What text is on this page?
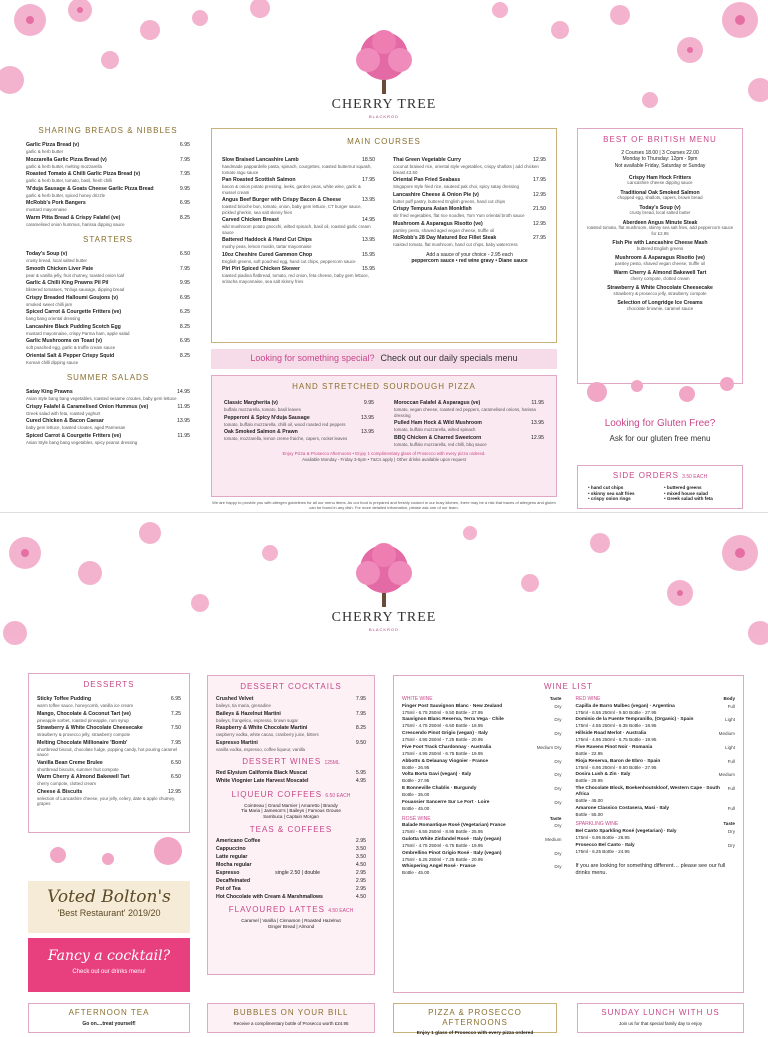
CHERRY TREE
BLACKROD
SHARING BREADS & NIBBLES
Garlic Pizza Bread (v)	6.95
garlic & herb butter
Mozzarella Garlic Pizza Bread (v)	7.95
garlic & herb butter, melting mozzarella
Roasted Tomato & Chilli Garlic Pizza Bread (v)	7.95
garlic & herb butter, tomato, basil, fresh chilli
'N'duja Sausage & Goats Cheese Garlic Pizza Bread	9.95
garlic & herb butter, spiced honey drizzle
McRobb's Pork Bangers	6.95
mustard mayonnaise
Warm Pitta Bread & Crispy Falafel (ve)	8.25
caramelised onion hummus, harissa dipping sauce
STARTERS
Today's Soup (v)	6.50
crusty bread, local salted butter
Smooth Chicken Liver Pate	7.95
pear & vanilla jelly, fruit chutney, toasted onion loaf
Garlic & Chilli King Prawns Pil Pil	9.95
blistered tomatoes, 'N'duja sausage, dipping bread
Crispy Breaded Halloumi Goujons (v)	6.95
smoked sweet chilli jam
Spiced Carrot & Courgette Fritters (ve)	6.25
bang bang oriental dressing
Lancashire Black Pudding Scotch Egg	8.25
mustard mayonnaise, crispy Parma ham, apple salad
Garlic Mushrooms on Toast (v)	6.95
soft poached egg, garlic & truffle cream sauce
Oriental Salt & Pepper Crispy Squid	8.25
Korean chilli dipping sauce
SUMMER SALADS
Satay King Prawns	14.95
Asian style bang bang vegetables, toasted sesame croutes, baby gem lettuce
Crispy Falafel & Caramelised Onion Hummus (ve)	11.95
Greek salad with feta, roasted yoghurt
Cured Chicken & Bacon Caesar	13.95
baby gem lettuce, toasted croutes, aged Parmesan
Spiced Carrot & Courgette Fritters (ve)	11.95
Asian Style bang bang vegetables, spicy peanut dressing
MAIN COURSES
Slow Braised Lancashire Lamb	18.50
handmade pappardelle pasta, spinach, courgettes, roasted butternut squash, tomato ragu sauce
Pan Roasted Scottish Salmon	17.95
bacon & onion potato pressing, leeks, garden peas, white wine, garlic & mussel cream
Angus Beef Burger with Crispy Bacon & Cheese	13.95
toasted brioche bun, tomato, onion, baby gem lettuce, CT burger sauce, pickled gherkin, sea salt skinny fries
Carved Chicken Breast	14.95
wild mushroom potato gnocchi, wilted spinach, basil oil, roasted garlic cream sauce
Battered Haddock & Hand Cut Chips	13.95
mushy peas, lemon muslin, tartar mayonnaise
10oz Cheshire Cured Gammon Chop	15.95
English greens, soft poached egg, hand cut chips, peppercorn sauce
Piri Piri Spiced Chicken Skewer	15.95
toasted piadina flatbread, tomato, red onion, feta cheese, baby gem lettuce, sriracha mayonnaise, sea salt skinny fries
Thai Green Vegetable Curry	12.95
coconut braised rice, oriental style vegetables, crispy shallots | add chicken breast £3.50
Oriental Pan Fried Seabass	17.95
Singapore style fried rice, sauteed pak choi, spicy satay dressing
Lancashire Cheese & Onion Pie (v)	12.95
butter puff pastry, buttered English greens, hand cut chips
Crispy Tempura Asian Monkfish	21.50
stir fried vegetables, flat rice noodles, Tom Yum oriental broth sauce
Mushroom & Asparagus Risotto (ve)	12.95
parsley pesto, shaved aged vegan cheese, truffle oil
McRobb's 28 Day Matured 8oz Fillet Steak	27.95
roasted tomato, flat mushroom, hand cut chips, baby watercress
Add a sauce of your choice - 2.95 each
peppercorn sauce • red wine gravy • Diane sauce
Looking for something special? Check out our daily specials menu
HAND STRETCHED SOURDOUGH PIZZA
Classic Margherita (v)	9.95
buffalo mozzarella, tomato, basil leaves
Pepperoni & Spicy N'duja Sausage	13.95
tomato, buffalo mozzarella, chilli oil, wood roasted red peppers
Oak Smoked Salmon & Prawn	13.95
tomato, mozzarella, lemon creme fraiche, capers, rocket leaves
Moroccan Falafel & Asparagus (ve)	11.95
tomato, vegan cheese, roasted red peppers, caramelised onions, harissa dressing
Pulled Ham Hock & Wild Mushroom	13.95
tomato, buffalo mozzarella, wilted spinach
BBQ Chicken & Charred Sweetcorn	12.95
tomato, buffalo mozzarella, red chilli, bbq sauce
Enjoy Pizza & Prosecco Afternoons • Enjoy 1 complimentary glass of Prosecco with every pizza ordered.
Available Monday - Friday 3-5pm • T&Cs apply | Other drinks available upon request
We are happy to provide you with allergen guidelines for all our menu items. As our food is prepared and freshly cooked in our busy kitchen, there may be a risk that traces of allergens and gluten can be found in any dish. For more detailed information, please ask one of our team.
BEST OF BRITISH MENU
2 Courses 18.00 | 3 Courses 22.00
Monday to Thursday: 12pm - 9pm
Not available Friday, Saturday or Sunday
Crispy Ham Hock Fritters
Lancashire cheese dipping sauce
Traditional Oak Smoked Salmon
chopped egg, shallots, capers, brown bread
Today's Soup (v)
crusty bread, local salted butter
Aberdeen Angus Minute Steak
roasted tomato, flat mushroom, skinny sea salt fries, add peppercorn sauce for £2.95
Fish Pie with Lancashire Cheese Mash
buttered English greens
Mushroom & Asparagus Risotto (ve)
parsley pesto, shaved vegan cheese, truffle oil
Warm Cherry & Almond Bakewell Tart
cherry compote, clotted cream
Strawberry & White Chocolate Cheesecake
strawberry & prosecco jelly, strawberry compote
Selection of Longridge Ice Creams
chocolate brownie, caramel sauce
Looking for Gluten Free?
Ask for our gluten free menu
SIDE ORDERS 3.50 EACH
• hand cut chips
• skinny sea salt fries
• crispy onion rings
• buttered greens
• mixed house salad
• Greek salad with feta
CHERRY TREE
BLACKROD
DESSERTS
Sticky Toffee Pudding	6.95
warm toffee sauce, honeycomb, vanilla ice cream
Mango, Chocolate & Coconut Tart (ve)	7.25
pineapple sorbet, roasted pineapple, rum syrup
Strawberry & White Chocolate Cheesecake	7.50
strawberry & prosecco jelly, strawberry compote
Melting Chocolate Millionaire 'Bomb'	7.95
shortbread biscuit, chocolate fudge, popping candy, hot pouring caramel sauce
Vanilla Bean Creme Brulee	6.50
shortbread biscuits, summer fruit compote
Warm Cherry & Almond Bakewell Tart	6.50
cherry compote, clotted cream
Cheese & Biscuits	12.95
selection of Lancashire cheese, your jelly, celery, date & apple chutney, grapes
Voted Bolton's
'Best Restaurant' 2019/20
Fancy a cocktail?
Check out our drinks menu!
DESSERT COCKTAILS
Crushed Velvet	7.95
baileys, tia maria, grenadine
Baileys & Hazelnut Martini	7.95
baileys, frangelico, espresso, brown sugar
Raspberry & White Chocolate Martini	8.25
raspberry vodka, white cacao, cranberry juice, bitters
Espresso Martini	9.50
vanilla vodka, espresso, coffee liqueur, vanilla
DESSERT WINES 125ML
Red Elysium California Black Muscat	5.95
White Viognier Late Harvest Moscatel	4.95
LIQUEUR COFFEES 6.50 EACH
Cointreau | Grand Marnier | Amaretto | Brandy
Tia Maria | Jameson's | Baileys | Famous Grouse
Sambuca | Captain Morgan
TEAS & COFFEES
Americano Coffee	2.95
Cappuccino	3.50
Latte regular	3.50
Mocha regular	4.50
Espresso	single 2.50 | double	2.95
Decaffeinated	2.95
Pot of Tea	2.95
Hot Chocolate with Cream & Marshmallows	4.50
FLAVOURED LATTES 4.50 EACH
Caramel | Vanilla | Cinnamon | Roasted Hazelnut
Ginger Bread | Almond
WINE LIST
WHITE WINE	Taste
Finger Post Sauvignon Blanc · New Zealand	Dry
175ml - 6.75 250ml - 9.50 Bottle - 27.95
Sauvignon Blanc Reserva, Terra Vega · Chile	Dry
175ml - 4.75 250ml - 6.50 Bottle - 18.95
Crescendo Pinot Grigio (vegan) · Italy	Dry
175ml - 4.95 250ml - 7.25 Bottle - 20.95
Five Foot Track Chardonnay · Australia	Medium Dry
175ml - 4.95 250ml - 6.75 Bottle - 19.95
Abbotts & Delaunay Viognier · France	Dry
Bottle - 26.95
Volta Borta Gavi (vegan) · Italy	Dry
Bottle - 27.95
E Bonneville Chablis · Burgundy	Dry
Bottle - 35.00
Fouassier Sancerre Sur Le Fort · Loire	Dry
Bottle - 45.00
ROSÉ WINE	Taste
Balade Romantique Rosé (Vegetarian) France	Dry
175ml - 6.55 250ml - 8.95 Bottle - 25.95
Gulotta White Zinfandel Rosé · Italy (vegan)	Medium
175ml - 4.75 250ml - 6.75 Bottle - 19.95
Ombrellino Pinot Grigio Rosé · Italy (vegan)	Dry
175ml - 5.25 250ml - 7.25 Bottle - 20.95
Whispering Angel Rosé · France	Dry
Bottle - 45.00
RED WINE	Body
Capilla de Barro Malbec (vegan) · Argentina	Full
175ml - 6.55 250ml - 9.50 Bottle - 27.95
Dominio de la Fuente Tempranillo, (Organic) · Spain	Light
175ml - 4.55 250ml - 6.35 Bottle - 18.95
Hillside Road Merlot · Australia	Medium
175ml - 4.95 250ml - 6.75 Bottle - 19.95
Five Ravens Pinot Noir · Romania	Light
Bottle - 22.95
Rioja Reserva, Baron de Ebro · Spain	Full
175ml - 6.95 250ml - 9.50 Bottle - 27.95
Dosira Lush & Zin · Italy	Medium
Bottle - 29.95
The Chocolate Block, Boekenhoutskloof, Western Cape · South Africa
Full
Bottle - 45.00
Amarone Classico Costasera, Masi · Italy	Full
Bottle - 55.00
SPARKLING WINE	Taste
Bel Canto Sparkling Rosé (vegetarian) · Italy	Dry
175ml - 6.95 Bottle - 26.95
Prosecco Bel Canto · Italy	Dry
175ml - 6.25 Bottle - 24.95
If you are looking for something different… please see our full drinks menu.
AFTERNOON TEA
Go on....treat yourself!
BUBBLES ON YOUR BILL
Receive a complimentary bottle of Prosecco worth £24.95
PIZZA & PROSECCO AFTERNOONS
Enjoy 1 glass of Prosecco with every pizza ordered
SUNDAY LUNCH WITH US
Join us for that special family day to enjoy
